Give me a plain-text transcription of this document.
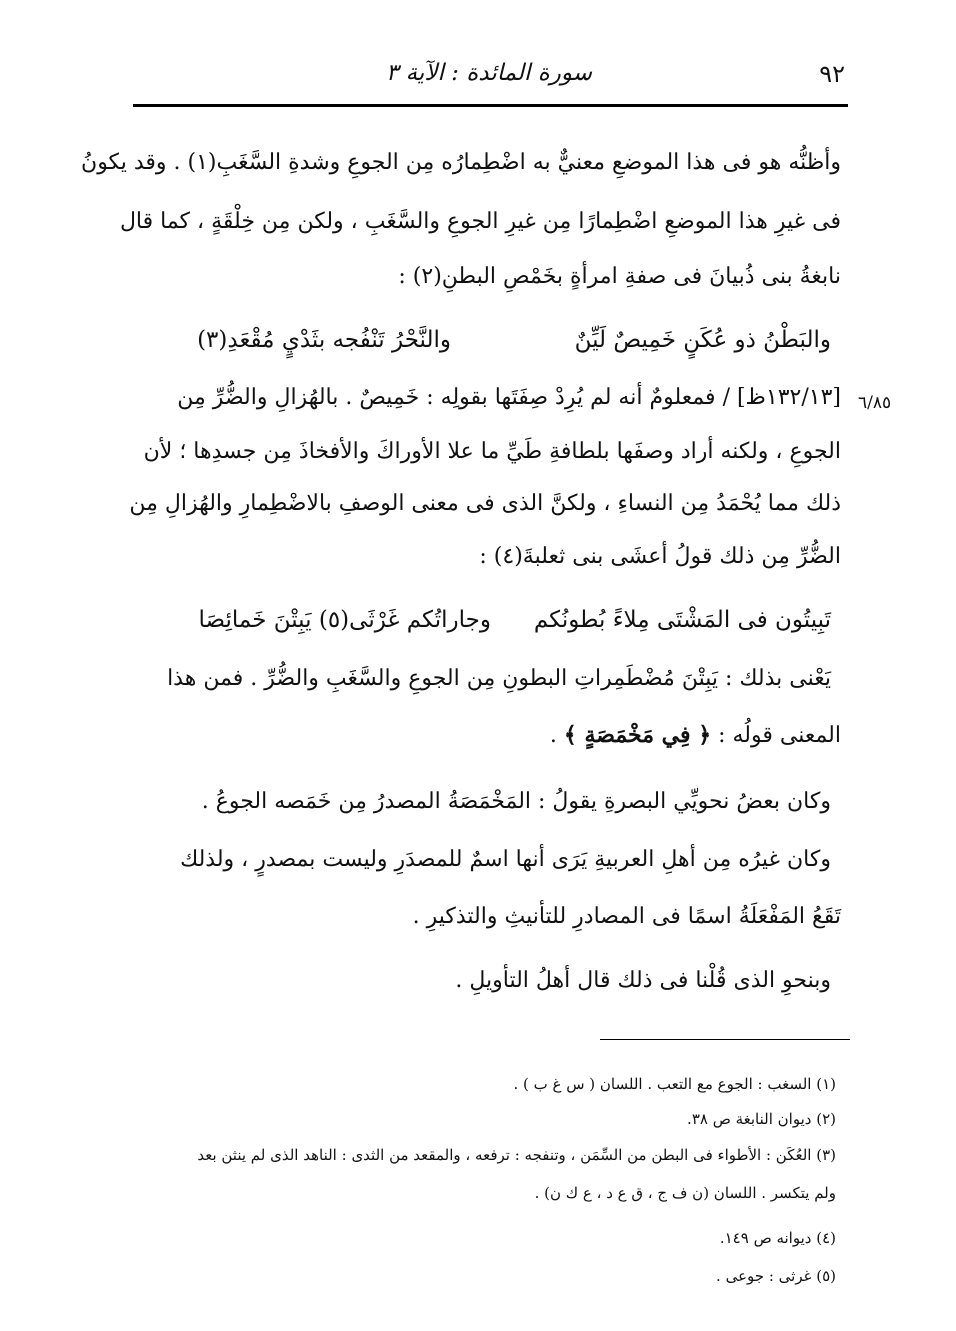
٩٢
سورة المائدة : الآية ٣
٦/٨٥
وأظنُّه هو فى هذا الموضعِ معنيٌّ به اضْطِمارُه مِن الجوعِ وشدةِ السَّغَبِ(١) . وقد يكونُ
فى غيرِ هذا الموضعِ اضْطِمارًا مِن غيرِ الجوعِ والسَّغَبِ ، ولكن مِن خِلْقَةٍ ، كما قال
نابغةُ بنى ذُبيانَ فى صفةِ امرأةٍ بخَمْصِ البطنِ(٢) :
والبَطْنُ ذو عُكَنٍ خَمِيصٌ لَيِّنٌ
والنَّحْرُ تَنْفُجه بثَدْيٍ مُقْعَدِ(٣)
[١٣٢/١٣ظ] / فمعلومٌ أنه لم يُرِدْ صِفَتَها بقولِه : خَمِيصٌ . بالهُزالِ والضُّرِّ مِن
الجوعِ ، ولكنه أراد وصفَها بلطافةِ طَيِّ ما علا الأوراكَ والأفخاذَ مِن جسدِها ؛ لأن
ذلك مما يُحْمَدُ مِن النساءِ ، ولكنَّ الذى فى معنى الوصفِ بالاضْطِمارِ والهُزالِ مِن
الضُّرِّ مِن ذلك قولُ أعشَى بنى ثعلبةَ(٤) :
تَبِيتُون فى المَشْتَى مِلاءً بُطونُكم
وجاراتُكم غَرْثَى(٥) يَبِتْنَ خَمائِصَا
يَعْنى بذلك : يَبِتْنَ مُضْطَمِراتِ البطونِ مِن الجوعِ والسَّغَبِ والضُّرِّ . فمن هذا
المعنى قولُه : ﴿ فِي مَخْمَصَةٍ ﴾ .
وكان بعضُ نحويِّي البصرةِ يقولُ : المَخْمَصَةُ المصدرُ مِن خَمَصه الجوعُ .
وكان غيرُه مِن أهلِ العربيةِ يَرَى أنها اسمٌ للمصدَرِ وليست بمصدرٍ ، ولذلك
تَقَعُ المَفْعَلَةُ اسمًا فى المصادرِ للتأنيثِ والتذكيرِ .
وبنحوِ الذى قُلْنا فى ذلك قال أهلُ التأويلِ .
(١) السغب : الجوع مع التعب . اللسان ( س غ ب ) .
(٢) ديوان النابغة ص ٣٨.
(٣) العُكَن : الأطواء فى البطن من السِّمَن ، وتنفجه : ترفعه ، والمقعد من الثدى : الناهد الذى لم ينثن بعد
ولم يتكسر . اللسان (ن ف ج ، ق ع د ، ع ك ن) .
(٤) ديوانه ص ١٤٩.
(٥) غرثى : جوعى .
